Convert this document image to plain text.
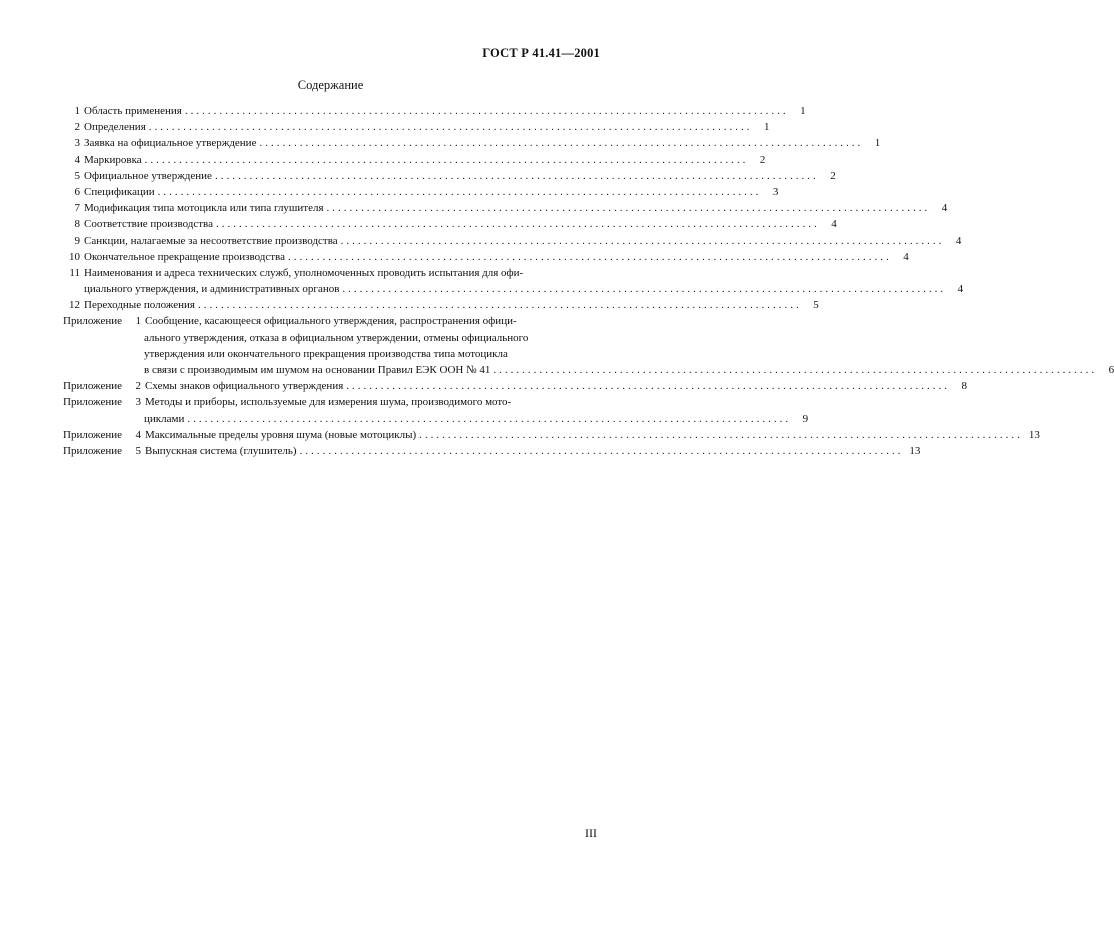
ГОСТ Р 41.41—2001
Содержание
1 Область применения .........................................................................................................	1
2 Определения .........................................................................................................	1
3 Заявка на официальное утверждение .........................................................................................................	1
4 Маркировка .........................................................................................................	2
5 Официальное утверждение .........................................................................................................	2
6 Спецификации .........................................................................................................	3
7 Модификация типа мотоцикла или типа глушителя .........................................................................................................	4
8 Соответствие производства .........................................................................................................	4
9 Санкции, налагаемые за несоответствие производства .........................................................................................................	4
10 Окончательное прекращение производства .........................................................................................................	4
11 Наименования и адреса технических служб, уполномоченных проводить испытания для офи-
циального утверждения, и административных органов .........................................................................................................	4
12 Переходные положения .........................................................................................................	5
Приложение	1 Сообщение, касающееся официального утверждения, распространения офици-
ального утверждения, отказа в официальном утверждении, отмены официального
утверждения или окончательного прекращения производства типа мотоцикла
в связи с производимым им шумом на основании Правил ЕЭК ООН № 41 .........................................................................................................	6
Приложение	2 Схемы знаков официального утверждения .........................................................................................................	8
Приложение	3 Методы и приборы, используемые для измерения шума, производимого мото-
циклами .........................................................................................................	9
Приложение	4 Максимальные пределы уровня шума (новые мотоциклы) ......................................................................................................... 13
Приложение	5 Выпускная система (глушитель) ......................................................................................................... 13
III
